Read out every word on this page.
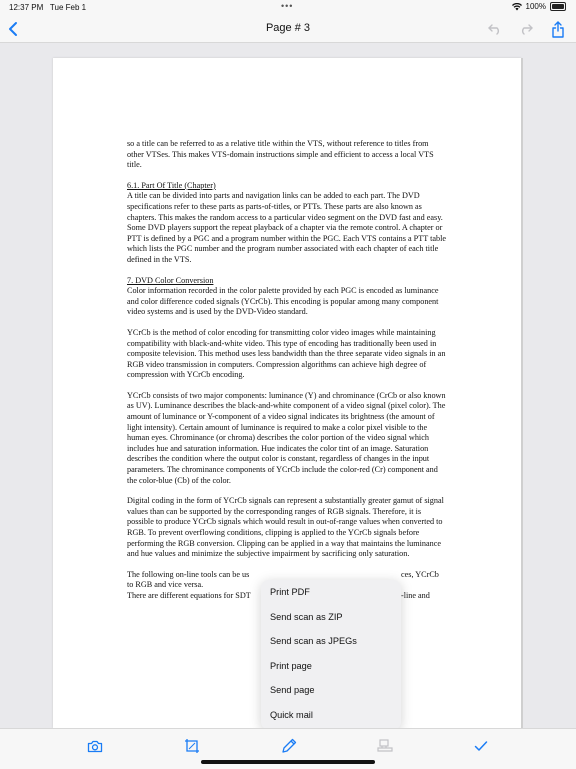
12:37 PM Tue Feb 1	•••	100%
Page # 3

so a title can be referred to as a relative title within the VTS, without reference to titles from other VTSes. This makes VTS-domain instructions simple and efficient to access a local VTS title.

6.1. Part Of Title (Chapter)
A title can be divided into parts and navigation links can be added to each part. The DVD specifications refer to these parts as parts-of-titles, or PTTs. These parts are also known as chapters. This makes the random access to a particular video segment on the DVD fast and easy. Some DVD players support the repeat playback of a chapter via the remote control. A chapter or PTT is defined by a PGC and a program number within the PGC. Each VTS contains a PTT table which lists the PGC number and the program number associated with each chapter of each title defined in the VTS.

7. DVD Color Conversion
Color information recorded in the color palette provided by each PGC is encoded as luminance and color difference coded signals (YCrCb). This encoding is popular among many component video systems and is used by the DVD-Video standard.

YCrCb is the method of color encoding for transmitting color video images while maintaining compatibility with black-and-white video. This type of encoding has traditionally been used in composite television. This method uses less bandwidth than the three separate video signals in an RGB video transmission in computers. Compression algorithms can achieve high degree of compression with YCrCb encoding.

YCrCb consists of two major components: luminance (Y) and chrominance (CrCb or also known as UV). Luminance describes the black-and-white component of a video signal (pixel color). The amount of luminance or Y-component of a video signal indicates its brightness (the amount of light intensity). Certain amount of luminance is required to make a color pixel visible to the human eyes. Chrominance (or chroma) describes the color portion of the video signal which includes hue and saturation information. Hue indicates the color tint of an image. Saturation describes the condition where the output color is constant, regardless of changes in the input parameters. The chrominance components of YCrCb include the color-red (Cr) component and the color-blue (Cb) of the color.

Digital coding in the form of YCrCb signals can represent a substantially greater gamut of signal values than can be supported by the corresponding ranges of RGB signals. Therefore, it is possible to produce YCrCb signals which would result in out-of-range values when converted to RGB. To prevent overflowing conditions, clipping is applied to the YCrCb signals before performing the RGB conversion. Clipping can be applied in a way that maintains the luminance and hue values and minimize the subjective impairment by sacrificing only saturation.

The following on-line tools can be us	ces, YCrCb
to RGB and vice versa.
There are different equations for SDT	-line and
Print PDF
Send scan as ZIP
Send scan as JPEGs
Print page
Send page
Quick mail
